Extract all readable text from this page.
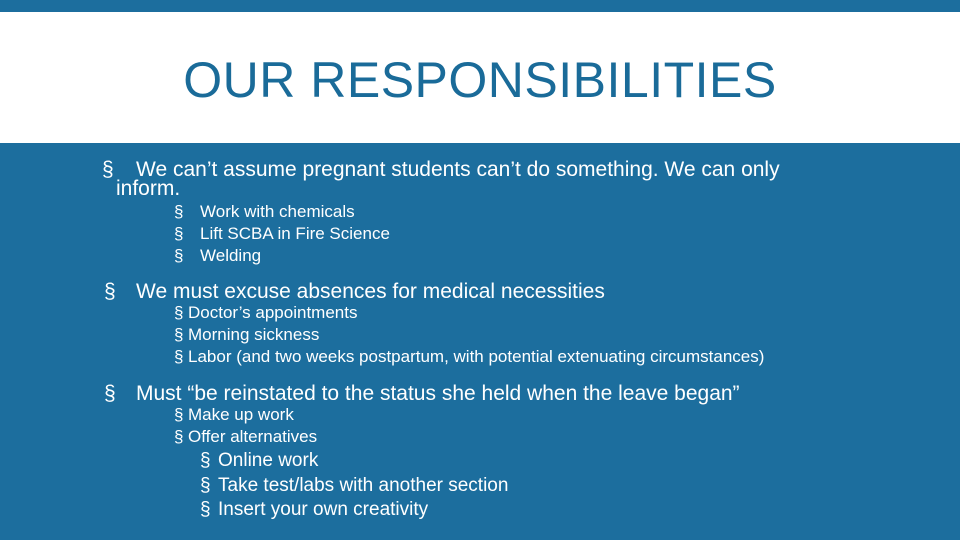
OUR RESPONSIBILITIES
§ We can’t assume pregnant students can’t do something. We can only
inform.
§ Work with chemicals
§ Lift SCBA in Fire Science
§ Welding
§ We must excuse absences for medical necessities
§ Doctor’s appointments
§ Morning sickness
§ Labor (and two weeks postpartum, with potential extenuating circumstances)
§ Must “be reinstated to the status she held when the leave began”
§ Make up work
§ Offer alternatives
§ Online work
§ Take test/labs with another section
§ Insert your own creativity
